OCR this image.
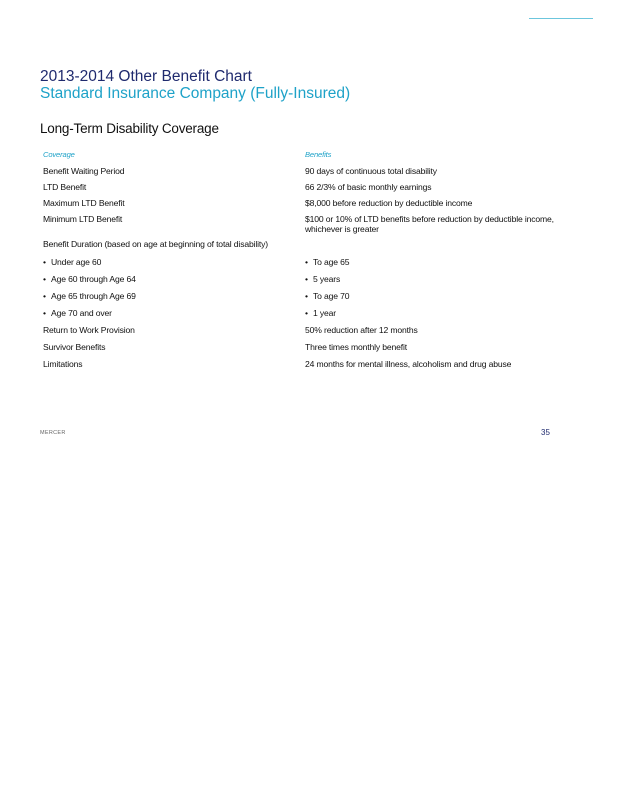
2013-2014 Other Benefit Chart
Standard Insurance Company (Fully-Insured)
Long-Term Disability Coverage
Coverage	Benefits
Benefit Waiting Period	90 days of continuous total disability
LTD Benefit	66 2/3% of basic monthly earnings
Maximum LTD Benefit	$8,000 before reduction by deductible income
Minimum LTD Benefit	$100 or 10% of LTD benefits before reduction by deductible income, whichever is greater
Benefit Duration (based on age at beginning of total disability)
• Under age 60	• To age 65
• Age 60 through Age 64	• 5 years
• Age 65 through Age 69	• To age 70
• Age 70 and over	• 1 year
Return to Work Provision	50% reduction after 12 months
Survivor Benefits	Three times monthly benefit
Limitations	24 months for mental illness, alcoholism and drug abuse
MERCER	35
